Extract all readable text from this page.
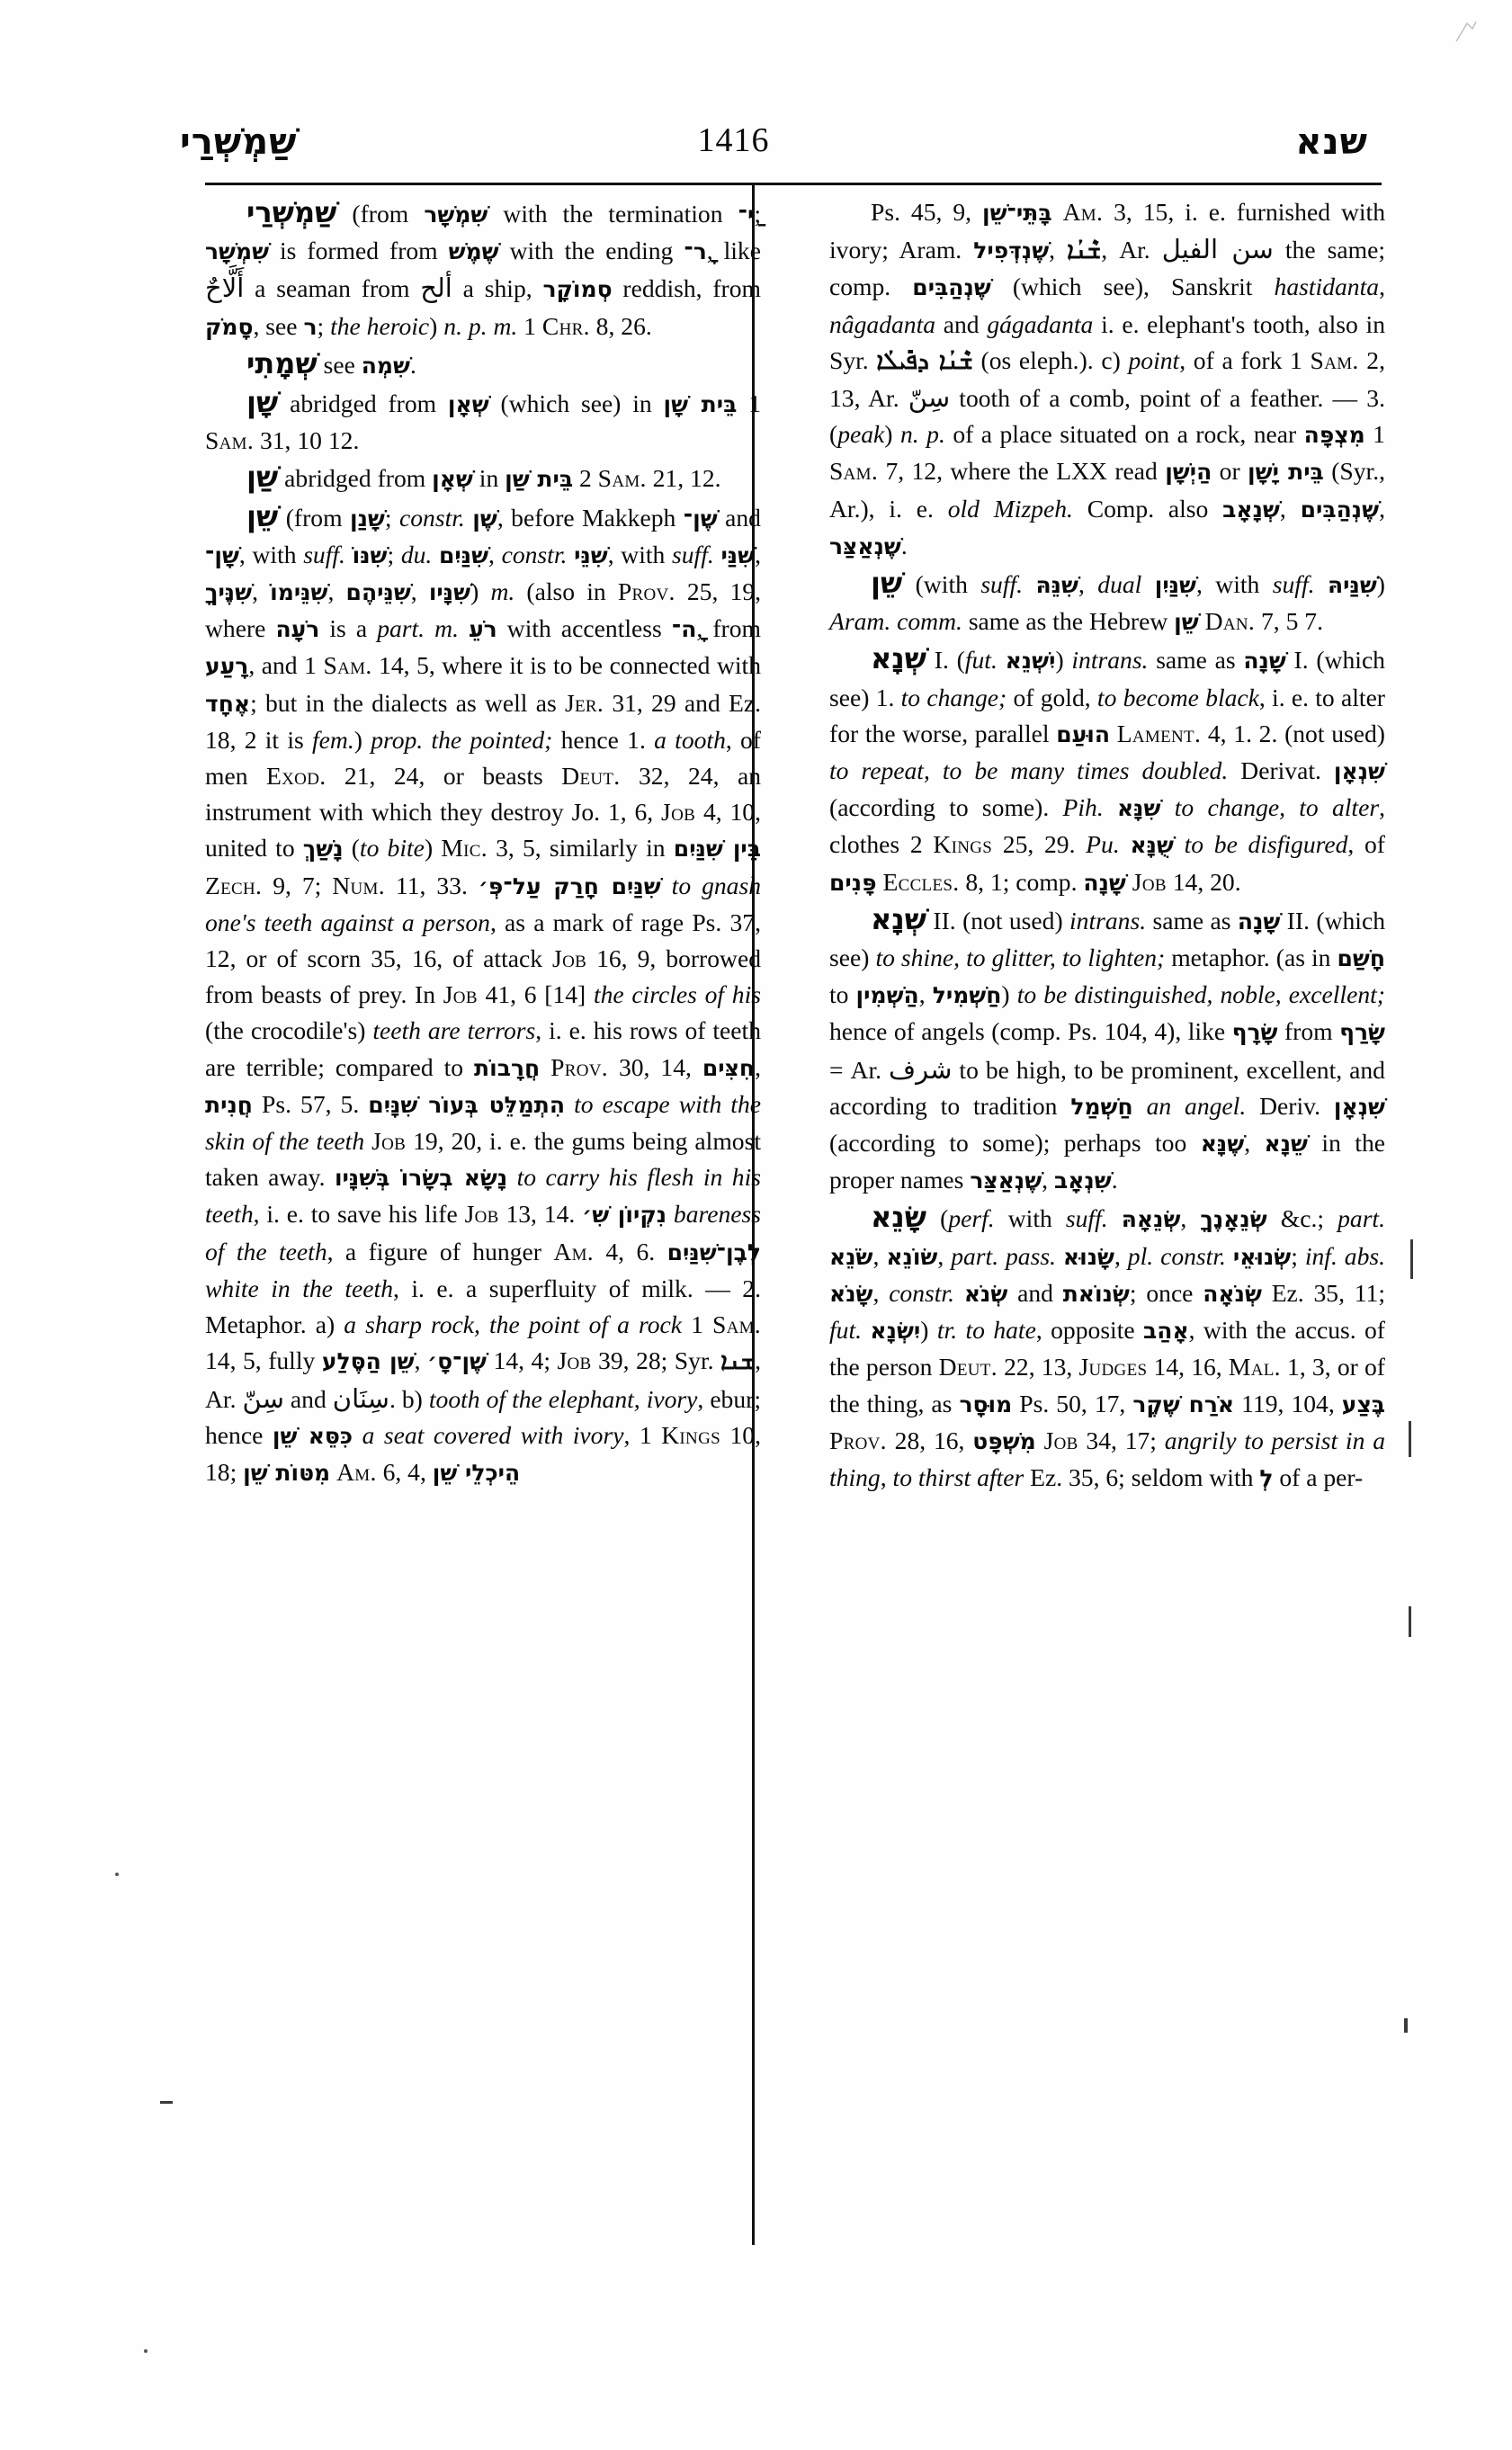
שַׁמְשְׁרַי	1416	שנא

שַׁמְשְׁרַי (from שִׁמְשָׁר with the termination ַי־; שִׁמְשָׁר is formed from שֶׁמֶשׁ with the ending ָר־, like أَلَّاحٌ a seaman from ألح a ship, סְמוֹקָר reddish, from סָמֹק, see ר; the heroic) n. p. m. 1 Chr. 8, 26.

שְׁמָתִי see שִׁמְה.

שָׁן abridged from שְׁאָן (which see) in בֵּית שָׁן 1 Sam. 31, 10 12.

שַׁן abridged from שְׁאָן in בֵּית שַׁן 2 Sam. 21, 12.

שֵׁן (from שָׁנַן; constr. שֶׁן, before Makkeph שֶׁן־ and שָׁן־, with suff. שִׁנּוֹ; du. שִׁנַּיִם, constr. שִׁנֵּי, with suff. שִׁנַּי, שִׁנֶּיךָ, שִׁנֵּימוֹ, שִׁנֵּיהֶם, שִׁנָּיו) m. (also in Prov. 25, 19, where רֹעָה is a part. m. רֹעֵ with accentless ָה־, from רָעַע, and 1 Sam. 14, 5, where it is to be connected with אֶחָד; but in the dialects as well as Jer. 31, 29 and Ez. 18, 2 it is fem.) prop. the pointed; hence 1. a tooth, of men Exod. 21, 24, or beasts Deut. 32, 24, an instrument with which they destroy Jo. 1, 6, Job 4, 10, united to נָשַׁךְ (to bite) Mic. 3, 5, similarly in בֵּין שִׁנַּיִם Zech. 9, 7; Num. 11, 33. שִׁנַּיִם חָרַק עַל־פְּ׳ to gnash one's teeth against a person, as a mark of rage Ps. 37, 12, or of scorn 35, 16, of attack Job 16, 9, borrowed from beasts of prey. In Job 41, 6 [14] the circles of his (the crocodile's) teeth are terrors, i. e. his rows of teeth are terrible; compared to חֲרָבוֹת Prov. 30, 14, חִצִּים, חֲנִית Ps. 57, 5. הִתְמַלֵּט בְּעוֹר שִׁנָּיִם to escape with the skin of the teeth Job 19, 20, i. e. the gums being almost taken away. נָשָׂא בְשָׂרוֹ בְּשִׁנָּיו to carry his flesh in his teeth, i. e. to save his life Job 13, 14. נִקְיוֹן שִׁ׳ bareness of the teeth, a figure of hunger Am. 4, 6. לְבֶן־שִׁנַּיִם white in the teeth, i. e. a superfluity of milk. — 2. Metaphor. a) a sharp rock, the point of a rock 1 Sam. 14, 5, fully שֵׁן הַסֶּלַע, שֶׁן־סָ׳ 14, 4; Job 39, 28; Syr. ܫܢܐ, Ar. سِنّ and سِنَان. b) tooth of the elephant, ivory, ebur; hence כִּסֵּא שֵׁן a seat covered with ivory, 1 Kings 10, 18; מִטּוֹת שֵׁן Am. 6, 4, הֵיכְלֵי שֵׁן

Ps. 45, 9, בָּתֵּי־שֵׁן Am. 3, 15, i. e. furnished with ivory; Aram. שֶׁנְדְּפִיל, ܫܶܢܳܐ, Ar. سن الفيل the same; comp. שֶׁנְהַבִּים (which see), Sanskrit hastidanta, nâgadanta and gágadanta i. e. elephant's tooth, also in Syr. ܫܶܢܳܐ ܕܦܺܝܠܳܐ (os eleph.). c) point, of a fork 1 Sam. 2, 13, Ar. سِنّ tooth of a comb, point of a feather. — 3. (peak) n. p. of a place situated on a rock, near מִצְפָּה 1 Sam. 7, 12, where the LXX read הַיְשָׁן or בֵּית יָשָׁן (Syr., Ar.), i. e. old Mizpeh. Comp. also שְׁנָאָב, שֶׁנְהַבִּים, שֶׁנְאַצַּר.

שֵׁן (with suff. שִׁנֵּהּ, dual שִׁנַּיִן, with suff. שִׁנַּיהּ) Aram. comm. same as the Hebrew שֵׁן Dan. 7, 5 7.

שְׁנָא I. (fut. יִשְׁנֵא) intrans. same as שָׁנָה I. (which see) 1. to change; of gold, to become black, i. e. to alter for the worse, parallel הוּעַם Lament. 4, 1. 2. (not used) to repeat, to be many times doubled. Derivat. שִׁנְאָן (according to some). Pih. שִׁנָּא to change, to alter, clothes 2 Kings 25, 29. Pu. שֻׁנָּא to be disfigured, of פָּנִים Eccles. 8, 1; comp. שָׁנָה Job 14, 20.

שְׁנָא II. (not used) intrans. same as שָׁנָה II. (which see) to shine, to glitter, to lighten; metaphor. (as in חָשַׁם to הַשְׁמִין, חַשְׁמִיל) to be distinguished, noble, excellent; hence of angels (comp. Ps. 104, 4), like שָׂרָף from שָׂרַף = Ar. شرف to be high, to be prominent, excellent, and according to tradition חַשְׁמַל an angel. Deriv. שִׁנְאָן (according to some); perhaps too שֶׁנָּא, שֵׁנָא in the proper names שֶׁנְאַצַּר, שִׁנְאָב.

שָׂנֵא (perf. with suff. שְׂנֵאָהּ, שְׂנֵאָנֶךָ &c.; part. שֹׂנֵא, שׂוֹנֵא, part. pass. שָׂנוּא, pl. constr. שְׂנוּאֵי; inf. abs. שָׂנֹא, constr. שְׂנֹא and שְׂנוֹאת; once שְׂנֹאָה Ez. 35, 11; fut. יִשְׂנָא) tr. to hate, opposite אָהַב, with the accus. of the person Deut. 22, 13, Judges 14, 16, Mal. 1, 3, or of the thing, as מוּסָר Ps. 50, 17, אֹרַח שֶׁקֶר 119, 104, בֶּצַע Prov. 28, 16, מִשְׁפָּט Job 34, 17; angrily to persist in a thing, to thirst after Ez. 35, 6; seldom with לְ of a per-
